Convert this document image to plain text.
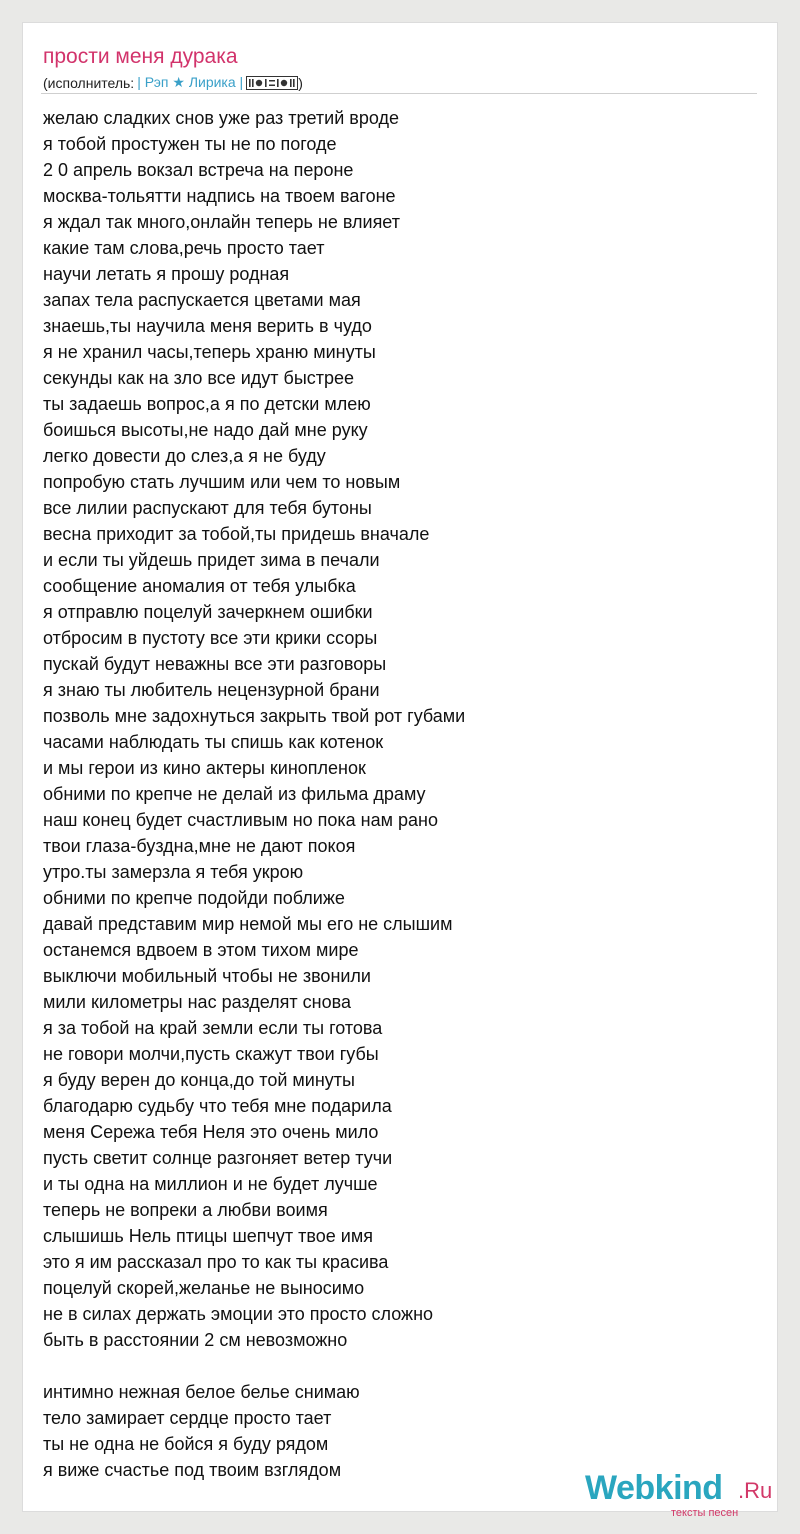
прости меня дурака
(исполнитель: | Рэп ★ Лирика |	)
желаю сладких снов уже раз третий вроде
я тобой простужен ты не по погоде
2 0 апрель вокзал встреча на пероне
москва-тольятти надпись на твоем вагоне
я ждал так много,онлайн теперь не влияет
какие там слова,речь просто тает
научи летать я прошу родная
запах тела распускается цветами мая
знаешь,ты научила меня верить в чудо
я не хранил часы,теперь храню минуты
секунды как на зло все идут быстрее
ты задаешь вопрос,а я по детски млею
боишься высоты,не надо дай мне руку
легко довести до слез,а я не буду
попробую стать лучшим или чем то новым
все лилии распускают для тебя бутоны
весна приходит за тобой,ты придешь вначале
и если ты уйдешь придет зима в печали
сообщение аномалия от тебя улыбка
я отправлю поцелуй зачеркнем ошибки
отбросим в пустоту все эти крики ссоры
пускай будут неважны все эти разговоры
я знаю ты любитель нецензурной брани
позволь мне задохнуться закрыть твой рот губами
часами наблюдать ты спишь как котенок
и мы герои из кино актеры кинопленок
обними по крепче не делай из фильма драму
наш конец будет счастливым но пока нам рано
твои глаза-буздна,мне не дают покоя
утро.ты замерзла я тебя укрою
обними по крепче подойди поближе
давай представим мир немой мы его не слышим
останемся вдвоем в этом тихом мире
выключи мобильный чтобы не звонили
мили километры нас разделят снова
я за тобой на край земли если ты готова
не говори молчи,пусть скажут твои губы
я буду верен до конца,до той минуты
благодарю судьбу что тебя мне подарила
меня Сережа тебя Неля это очень мило
пусть светит солнце разгоняет ветер тучи
и ты одна на миллион и не будет лучше
теперь не вопреки а любви воимя
слышишь Нель птицы шепчут твое имя
это я им рассказал про то как ты красива
поцелуй скорей,желанье не выносимо
не в силах держать эмоции это просто сложно
быть в расстоянии 2 см невозможно
интимно нежная белое белье снимаю
тело замирает сердце просто тает
ты не одна не бойся я буду рядом
я виже счастье под твоим взглядом	Webkind .Ru
тексты песен
